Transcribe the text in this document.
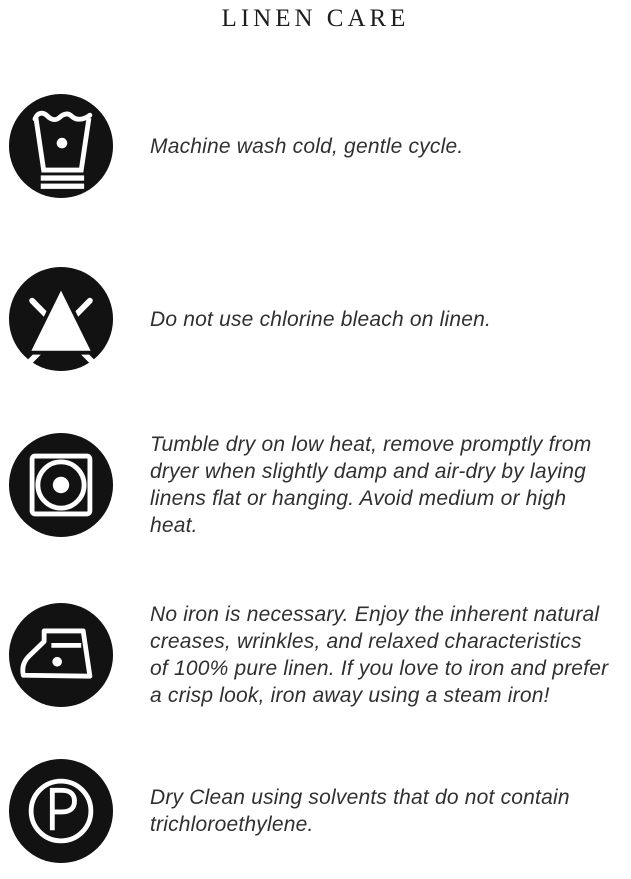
LINEN CARE
Machine wash cold, gentle cycle.
Do not use chlorine bleach on linen.
Tumble dry on low heat, remove promptly from
dryer when slightly damp and air-dry by laying
linens flat or hanging. Avoid medium or high
heat.
No iron is necessary. Enjoy the inherent natural
creases, wrinkles, and relaxed characteristics
of 100% pure linen. If you love to iron and prefer
a crisp look, iron away using a steam iron!
Dry Clean using solvents that do not contain
trichloroethylene.
